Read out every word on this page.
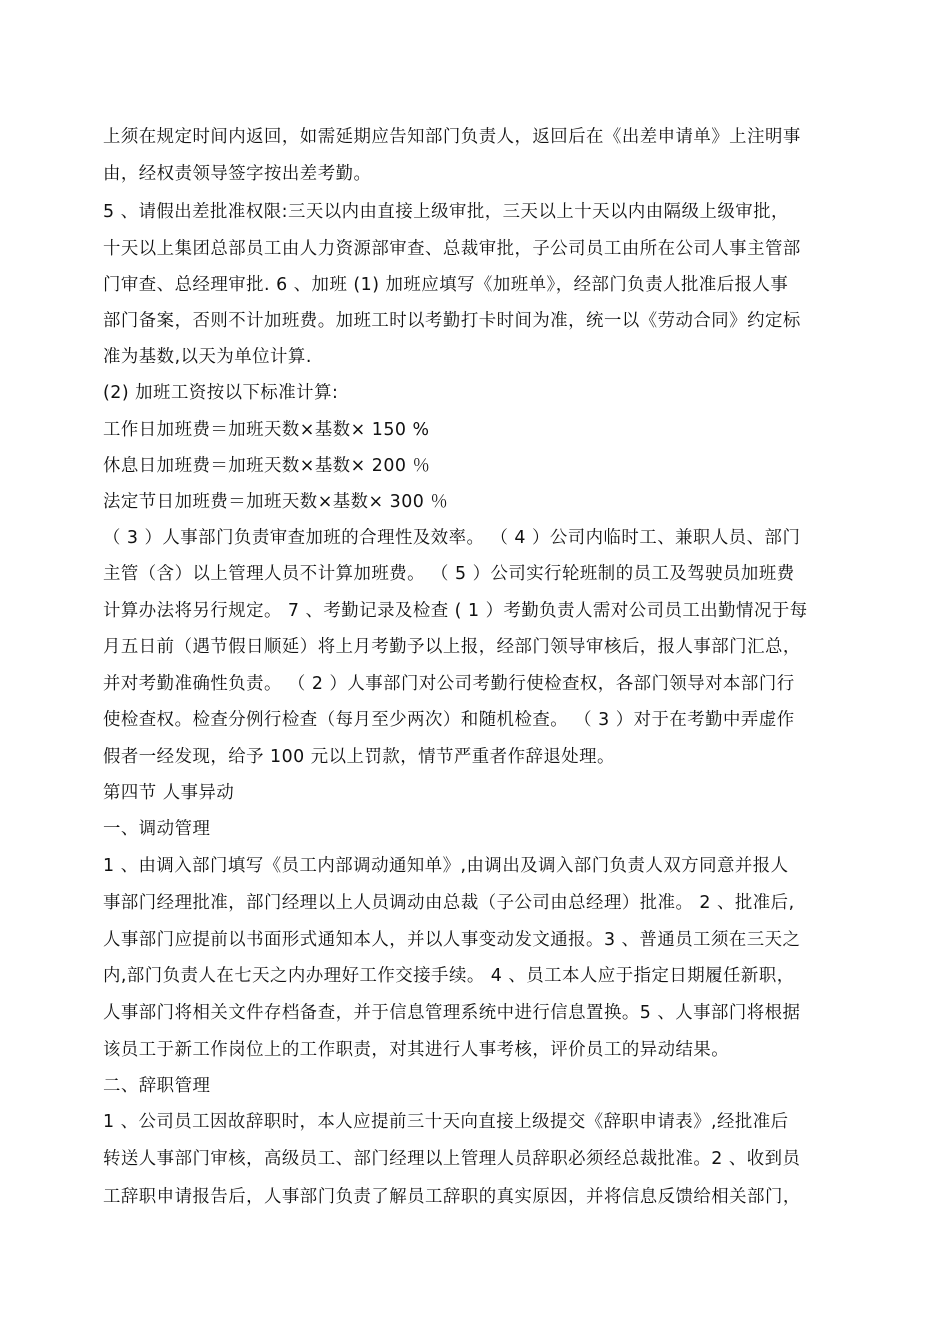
上须在规定时间内返回，如需延期应告知部门负责人，返回后在《出差申请单》上注明事
由，经权责领导签字按出差考勤。
5 、请假出差批准权限:三天以内由直接上级审批，三天以上十天以内由隔级上级审批，
十天以上集团总部员工由人力资源部审查、总裁审批，子公司员工由所在公司人事主管部
门审查、总经理审批. 6 、加班 (1) 加班应填写《加班单》，经部门负责人批准后报人事
部门备案，否则不计加班费。加班工时以考勤打卡时间为准，统一以《劳动合同》约定标
准为基数,以天为单位计算.
(2) 加班工资按以下标准计算:
工作日加班费＝加班天数×基数× 150 %
休息日加班费＝加班天数×基数× 200 ％
法定节日加班费＝加班天数×基数× 300 ％
（ 3 ）人事部门负责审查加班的合理性及效率。 （ 4 ）公司内临时工、兼职人员、部门
主管（含）以上管理人员不计算加班费。 （ 5 ）公司实行轮班制的员工及驾驶员加班费
计算办法将另行规定。 7 、考勤记录及检查 ( 1 ）考勤负责人需对公司员工出勤情况于每
月五日前（遇节假日顺延）将上月考勤予以上报，经部门领导审核后，报人事部门汇总，
并对考勤准确性负责。 （ 2 ）人事部门对公司考勤行使检查权，各部门领导对本部门行
使检查权。检查分例行检查（每月至少两次）和随机检查。 （ 3 ）对于在考勤中弄虚作
假者一经发现，给予 100 元以上罚款，情节严重者作辞退处理。
第四节 人事异动
一、调动管理
1 、由调入部门填写《员工内部调动通知单》,由调出及调入部门负责人双方同意并报人
事部门经理批准，部门经理以上人员调动由总裁（子公司由总经理）批准。 2 、批准后,
人事部门应提前以书面形式通知本人，并以人事变动发文通报。3 、普通员工须在三天之
内,部门负责人在七天之内办理好工作交接手续。 4 、员工本人应于指定日期履任新职，
人事部门将相关文件存档备查，并于信息管理系统中进行信息置换。5 、人事部门将根据
该员工于新工作岗位上的工作职责，对其进行人事考核，评价员工的异动结果。
二、辞职管理
1 、公司员工因故辞职时，本人应提前三十天向直接上级提交《辞职申请表》,经批准后
转送人事部门审核，高级员工、部门经理以上管理人员辞职必须经总裁批准。2 、收到员
工辞职申请报告后，人事部门负责了解员工辞职的真实原因，并将信息反馈给相关部门，
